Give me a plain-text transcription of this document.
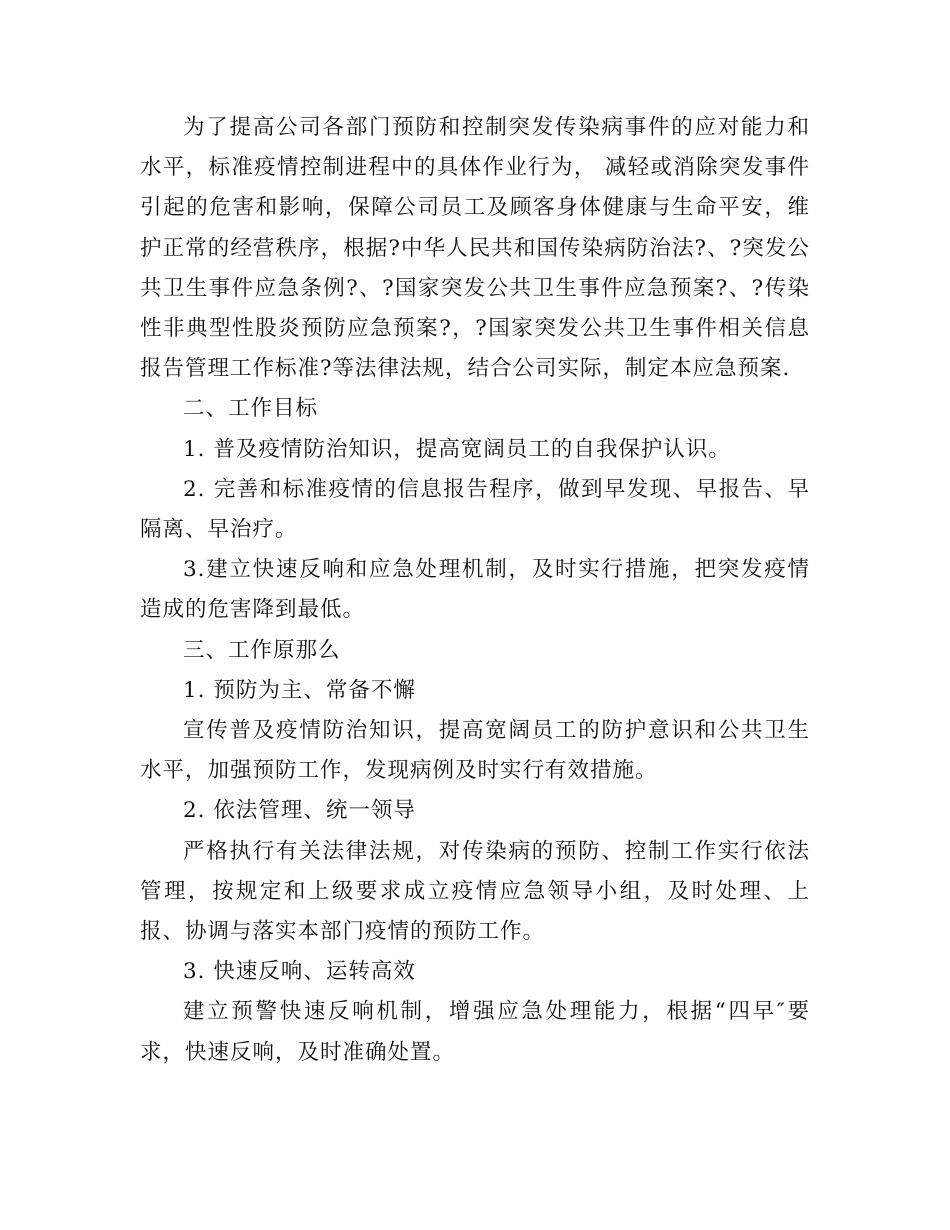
为了提高公司各部门预防和控制突发传染病事件的应对能力和水平，标准疫情控制进程中的具体作业行为， 减轻或消除突发事件引起的危害和影响，保障公司员工及顾客身体健康与生命平安，维护正常的经营秩序，根据?中华人民共和国传染病防治法?、?突发公共卫生事件应急条例?、?国家突发公共卫生事件应急预案?、?传染性非典型性股炎预防应急预案?，?国家突发公共卫生事件相关信息报告管理工作标准?等法律法规，结合公司实际，制定本应急预案.

二、工作目标

1. 普及疫情防治知识，提高宽阔员工的自我保护认识。

2. 完善和标准疫情的信息报告程序，做到早发现、早报告、早隔离、早治疗。

3.建立快速反响和应急处理机制，及时实行措施，把突发疫情造成的危害降到最低。

三、工作原那么

1. 预防为主、常备不懈

宣传普及疫情防治知识，提高宽阔员工的防护意识和公共卫生水平，加强预防工作，发现病例及时实行有效措施。

2. 依法管理、统一领导

严格执行有关法律法规，对传染病的预防、控制工作实行依法管理，按规定和上级要求成立疫情应急领导小组，及时处理、上报、协调与落实本部门疫情的预防工作。

3. 快速反响、运转高效

建立预警快速反响机制，增强应急处理能力，根据“四早″要求，快速反响，及时准确处置。
